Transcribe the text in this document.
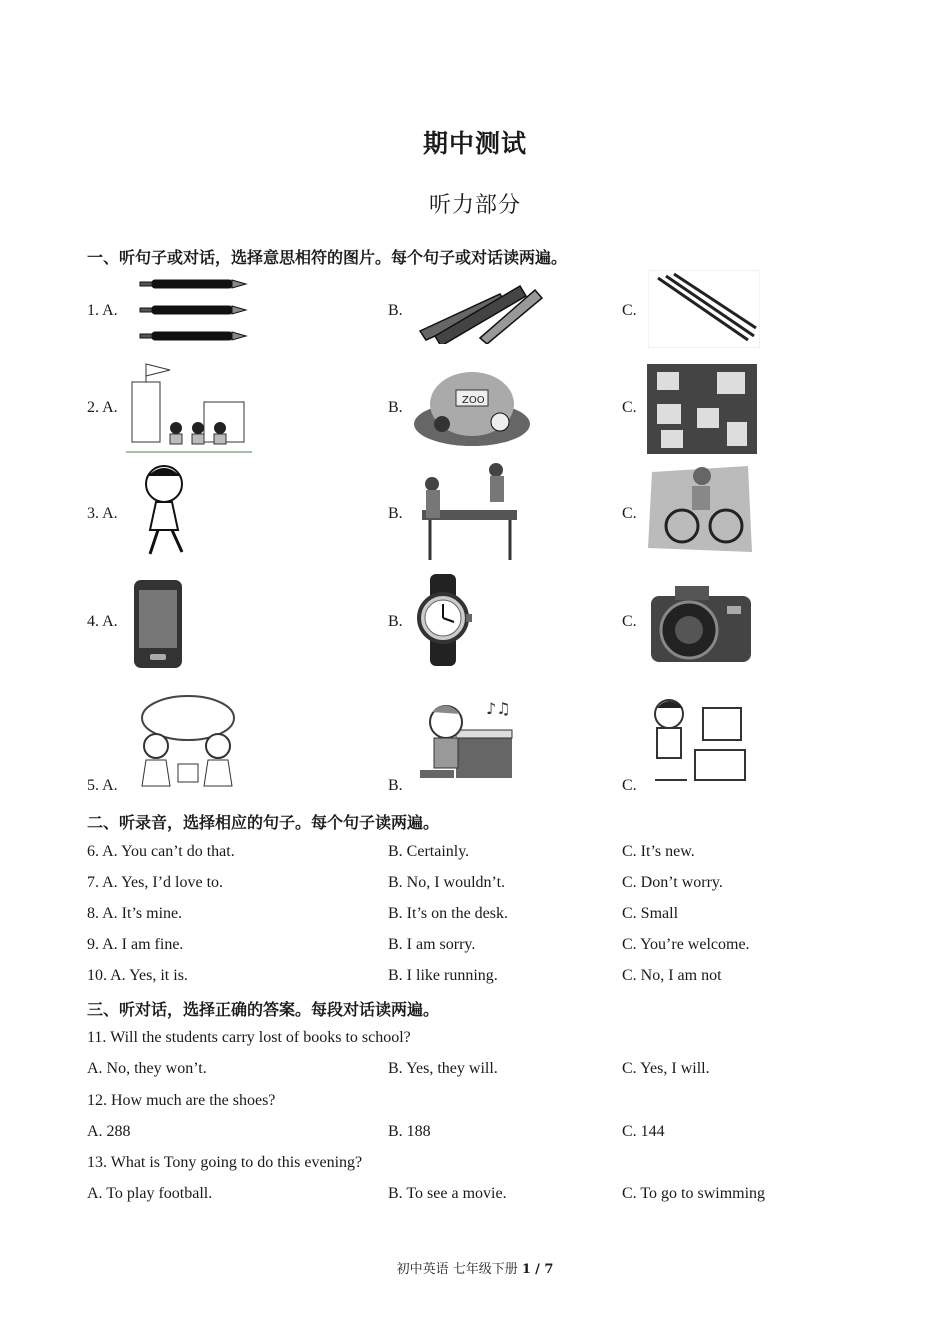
期中测试
听力部分
一、听句子或对话，选择意思相符的图片。每个句子或对话读两遍。
1. A.	B.	C.
2. A.	B.	C.
ZOO
3. A.	B.	C.
4. A.	B.	C.
5. A.	B.	C.
♪♫
二、听录音，选择相应的句子。每个句子读两遍。
6. A. You can’t do that.	B. Certainly.	C. It’s new.
7. A. Yes, I’d love to.	B. No, I wouldn’t.	C. Don’t worry.
8. A. It’s mine.	B. It’s on the desk.	C. Small
9. A. I am fine.	B. I am sorry.	C. You’re welcome.
10. A. Yes, it is.	B. I like running.	C. No, I am not
三、听对话，选择正确的答案。每段对话读两遍。
11. Will the students carry lost of books to school?
A. No, they won’t.	B. Yes, they will.	C. Yes, I will.
12. How much are the shoes?
A. 288	B. 188	C. 144
13. What is Tony going to do this evening?
A. To play football.	B. To see a movie.	C. To go to swimming
初中英语 七年级下册 1 / 7
